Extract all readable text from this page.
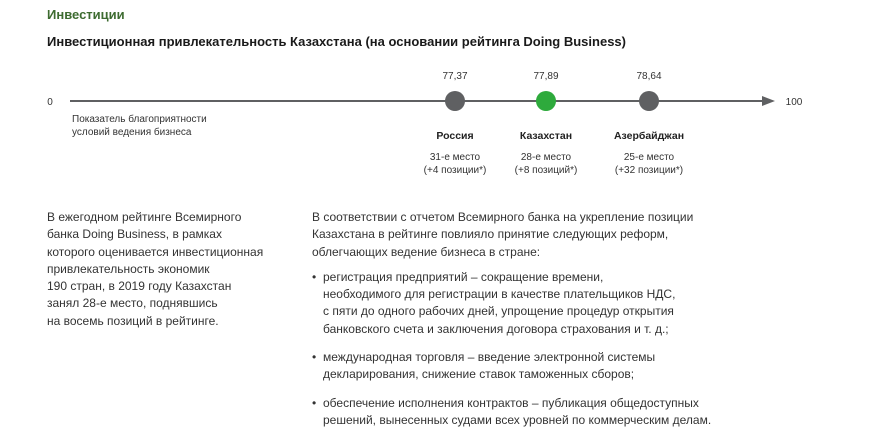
Инвестиции
Инвестиционная привлекательность Казахстана (на основании рейтинга Doing Business)
0	100
77,37	77,89	78,64
Показатель благоприятности
условий ведения бизнеса	Россия
31-е место
(+4 позиции*)
Казахстан
28-е место
(+8 позиций*)
Азербайджан
25-е место
(+32 позиции*)
В ежегодном рейтинге Всемирного
банка Doing Business, в рамках
которого оценивается инвестиционная
привлекательность экономик
190 стран, в 2019 году Казахстан
занял 28-е место, поднявшись
на восемь позиций в рейтинге.

В соответствии с отчетом Всемирного банка на укрепление позиции
Казахстана в рейтинге повлияло принятие следующих реформ,
облегчающих ведение бизнеса в стране:

• регистрация предприятий – сокращение времени,
необходимого для регистрации в качестве плательщиков НДС,
с пяти до одного рабочих дней, упрощение процедур открытия
банковского счета и заключения договора страхования и т. д.;
• международная торговля – введение электронной системы
декларирования, снижение ставок таможенных сборов;
• обеспечение исполнения контрактов – публикация общедоступных
решений, вынесенных судами всех уровней по коммерческим делам.
